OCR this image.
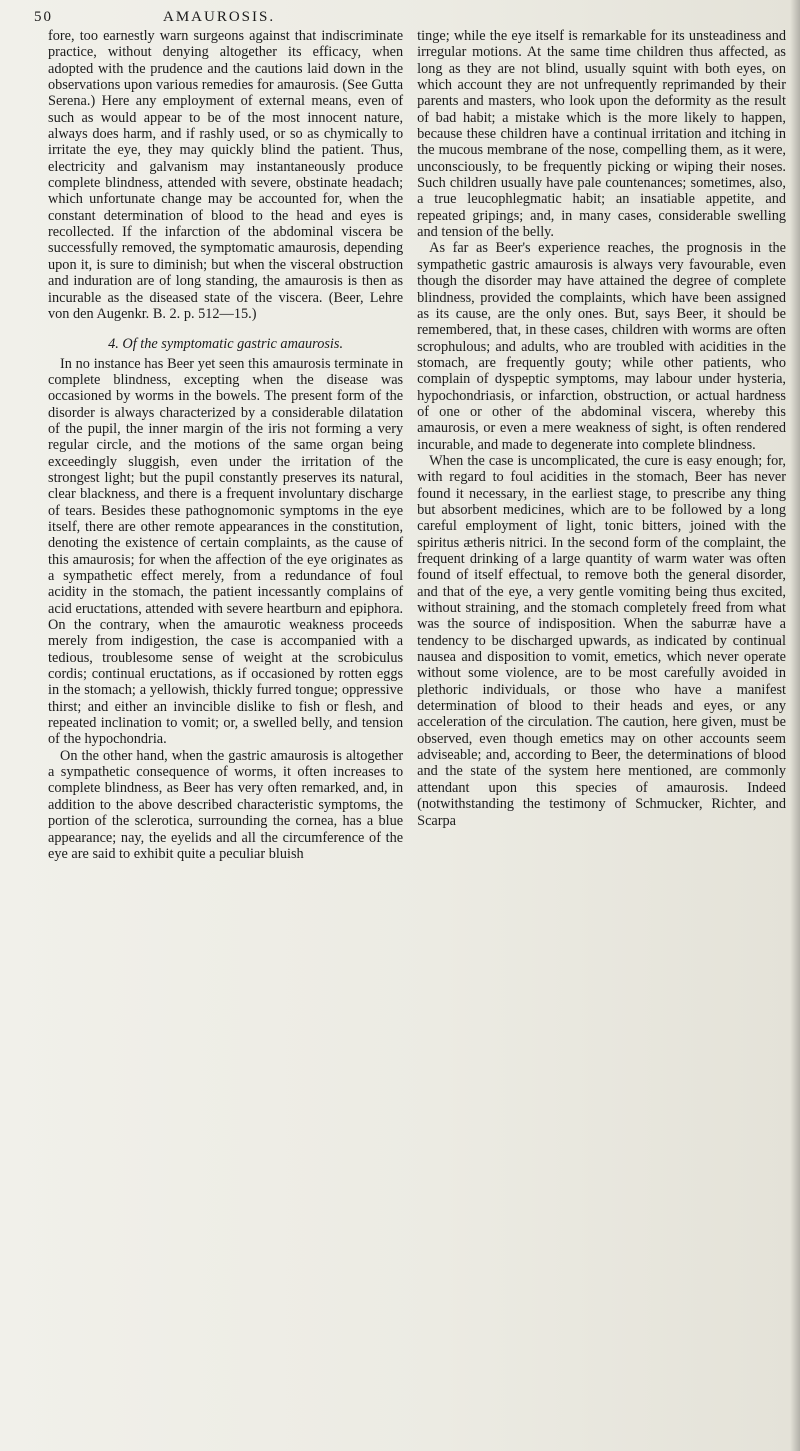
50	AMAUROSIS.

fore, too earnestly warn surgeons against that indiscriminate practice, without denying altogether its efficacy, when adopted with the prudence and the cautions laid down in the observations upon various remedies for amaurosis. (See Gutta Serena.) Here any employment of external means, even of such as would appear to be of the most innocent nature, always does harm, and if rashly used, or so as chymically to irritate the eye, they may quickly blind the patient. Thus, electricity and galvanism may instantaneously produce complete blindness, attended with severe, obstinate headach; which unfortunate change may be accounted for, when the constant determination of blood to the head and eyes is recollected. If the infarction of the abdominal viscera be successfully removed, the symptomatic amaurosis, depending upon it, is sure to diminish; but when the visceral obstruction and induration are of long standing, the amaurosis is then as incurable as the diseased state of the viscera. (Beer, Lehre von den Augenkr. B. 2. p. 512—15.)

4. Of the symptomatic gastric amaurosis.

In no instance has Beer yet seen this amaurosis terminate in complete blindness, excepting when the disease was occasioned by worms in the bowels. The present form of the disorder is always characterized by a considerable dilatation of the pupil, the inner margin of the iris not forming a very regular circle, and the motions of the same organ being exceedingly sluggish, even under the irritation of the strongest light; but the pupil constantly preserves its natural, clear blackness, and there is a frequent involuntary discharge of tears. Besides these pathognomonic symptoms in the eye itself, there are other remote appearances in the constitution, denoting the existence of certain complaints, as the cause of this amaurosis; for when the affection of the eye originates as a sympathetic effect merely, from a redundance of foul acidity in the stomach, the patient incessantly complains of acid eructations, attended with severe heartburn and epiphora. On the contrary, when the amaurotic weakness proceeds merely from indigestion, the case is accompanied with a tedious, troublesome sense of weight at the scrobiculus cordis; continual eructations, as if occasioned by rotten eggs in the stomach; a yellowish, thickly furred tongue; oppressive thirst; and either an invincible dislike to fish or flesh, and repeated inclination to vomit; or, a swelled belly, and tension of the hypochondria.

On the other hand, when the gastric amaurosis is altogether a sympathetic consequence of worms, it often increases to complete blindness, as Beer has very often remarked, and, in addition to the above described characteristic symptoms, the portion of the sclerotica, surrounding the cornea, has a blue appearance; nay, the eyelids and all the circumference of the eye are said to exhibit quite a peculiar bluish

tinge; while the eye itself is remarkable for its unsteadiness and irregular motions. At the same time children thus affected, as long as they are not blind, usually squint with both eyes, on which account they are not unfrequently reprimanded by their parents and masters, who look upon the deformity as the result of bad habit; a mistake which is the more likely to happen, because these children have a continual irritation and itching in the mucous membrane of the nose, compelling them, as it were, unconsciously, to be frequently picking or wiping their noses. Such children usually have pale countenances; sometimes, also, a true leucophlegmatic habit; an insatiable appetite, and repeated gripings; and, in many cases, considerable swelling and tension of the belly.

As far as Beer's experience reaches, the prognosis in the sympathetic gastric amaurosis is always very favourable, even though the disorder may have attained the degree of complete blindness, provided the complaints, which have been assigned as its cause, are the only ones. But, says Beer, it should be remembered, that, in these cases, children with worms are often scrophulous; and adults, who are troubled with acidities in the stomach, are frequently gouty; while other patients, who complain of dyspeptic symptoms, may labour under hysteria, hypochondriasis, or infarction, obstruction, or actual hardness of one or other of the abdominal viscera, whereby this amaurosis, or even a mere weakness of sight, is often rendered incurable, and made to degenerate into complete blindness.

When the case is uncomplicated, the cure is easy enough; for, with regard to foul acidities in the stomach, Beer has never found it necessary, in the earliest stage, to prescribe any thing but absorbent medicines, which are to be followed by a long careful employment of light, tonic bitters, joined with the spiritus ætheris nitrici. In the second form of the complaint, the frequent drinking of a large quantity of warm water was often found of itself effectual, to remove both the general disorder, and that of the eye, a very gentle vomiting being thus excited, without straining, and the stomach completely freed from what was the source of indisposition. When the saburræ have a tendency to be discharged upwards, as indicated by continual nausea and disposition to vomit, emetics, which never operate without some violence, are to be most carefully avoided in plethoric individuals, or those who have a manifest determination of blood to their heads and eyes, or any acceleration of the circulation. The caution, here given, must be observed, even though emetics may on other accounts seem adviseable; and, according to Beer, the determinations of blood and the state of the system here mentioned, are commonly attendant upon this species of amaurosis. Indeed (notwithstanding the testimony of Schmucker, Richter, and Scarpa
